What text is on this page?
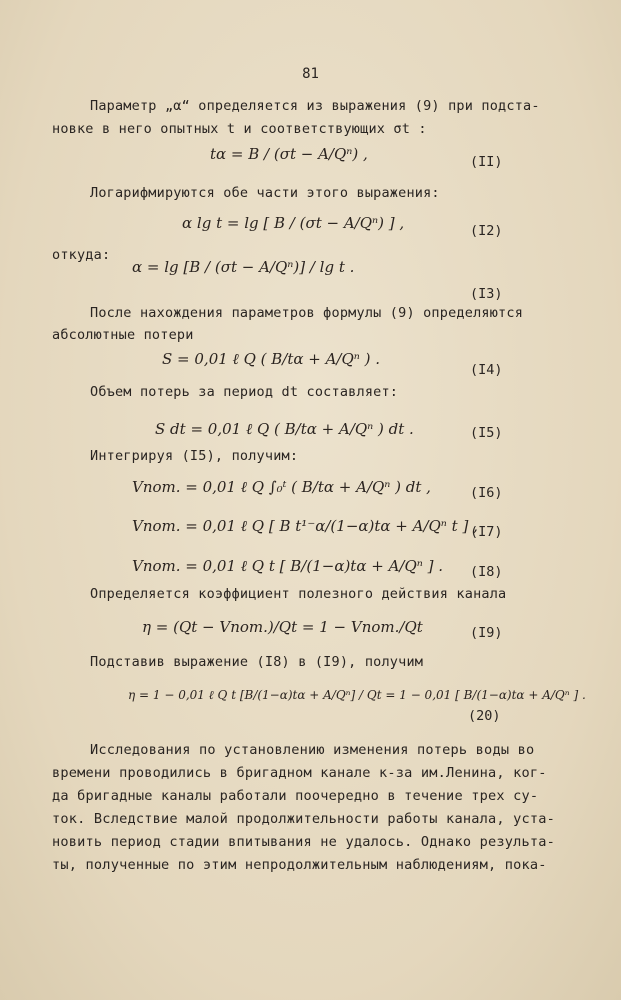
81
Параметр „α“ определяется из выражения (9) при подста-
новке в него опытных t и соответствующих σt :
tα = B / (σt − A/Qⁿ) ,	(II)
Логарифмируются обе части этого выражения:
α lg t = lg [ B / (σt − A/Qⁿ) ] ,	(I2)
откуда:
α = lg [B / (σt − A/Qⁿ)] / lg t .
(I3)
После нахождения параметров формулы (9) определяются
абсолютные потери
S = 0,01 ℓ Q ( B/tα + A/Qⁿ ) .
(I4)
Объем потерь за период dt составляет:
S dt = 0,01 ℓ Q ( B/tα + A/Qⁿ ) dt .	(I5)
Интегрируя (I5), получим:
Vпот. = 0,01 ℓ Q ∫₀ᵗ ( B/tα + A/Qⁿ ) dt ,	(I6)
Vпот. = 0,01 ℓ Q [ B t¹⁻α/(1−α)tα + A/Qⁿ t ] ,
(I7)
Vпот. = 0,01 ℓ Q t [ B/(1−α)tα + A/Qⁿ ] . (I8)
Определяется коэффициент полезного действия канала
η = (Qt − Vпот.)/Qt = 1 − Vпот./Qt	(I9)
Подставив выражение (I8) в (I9), получим
η = 1 − 0,01 ℓ Q t [B/(1−α)tα + A/Qⁿ] / Qt = 1 − 0,01 [ B/(1−α)tα + A/Qⁿ ] .
(20)
Исследования по установлению изменения потерь воды во
времени проводились в бригадном канале к-за им.Ленина, ког-
да бригадные каналы работали поочередно в течение трех су-
ток. Вследствие малой продолжительности работы канала, уста-
новить период стадии впитывания не удалось. Однако результа-
ты, полученные по этим непродолжительным наблюдениям, пока-
